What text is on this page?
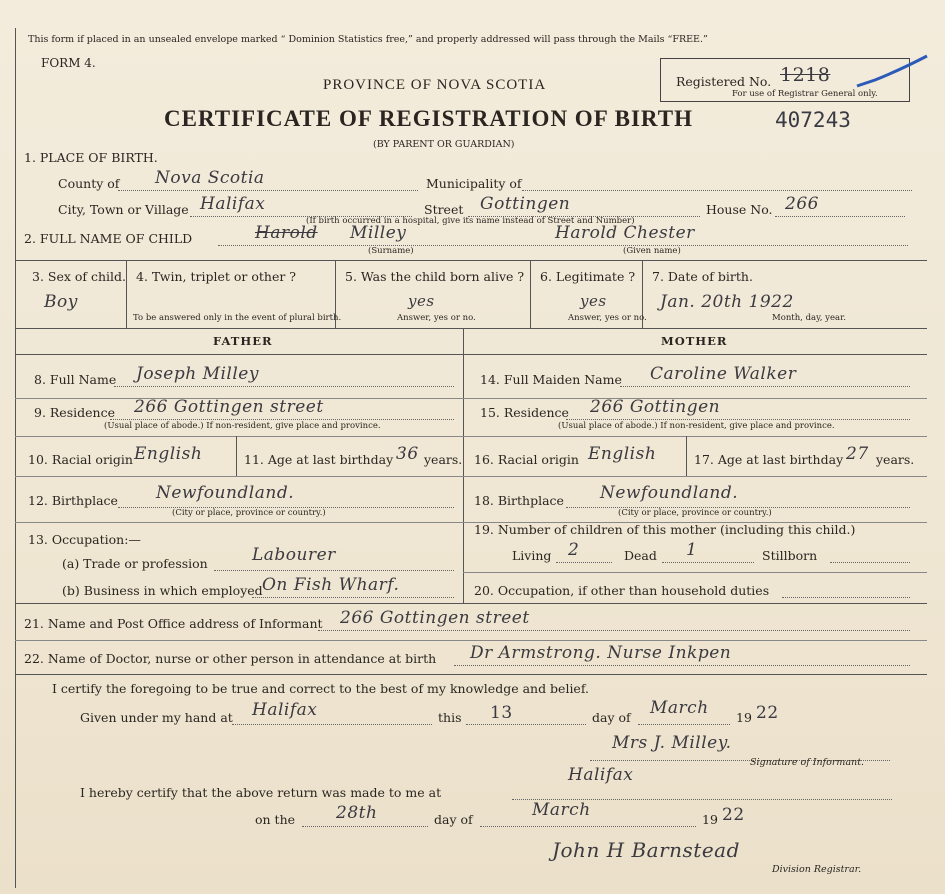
This form if placed in an unsealed envelope marked “ Dominion Statistics free,” and properly addressed will pass through the Mails “FREE.”
FORM 4.
PROVINCE OF NOVA SCOTIA
CERTIFICATE OF REGISTRATION OF BIRTH	407243
(BY PARENT OR GUARDIAN)
Registered No. 1218
For use of Registrar General only.
1. PLACE OF BIRTH.
County of Nova Scotia	Municipality of
City, Town or Village Halifax	Street Gottingen
(If birth occurred in a hospital, give its name instead of Street and Number)
House No. 266
2. FULL NAME OF CHILD	Harold Milley	Harold Chester
(Surname)	(Given name)
3. Sex of child.
Boy
4. Twin, triplet or other ?
To be answered only in the event of plural birth.
5. Was the child born alive ?
yes
Answer, yes or no.
6. Legitimate ?
yes
Answer, yes or no.
7. Date of birth.
Jan. 20th 1922
Month, day, year.
FATHER	MOTHER
8. Full Name Joseph Milley
9. Residence 266 Gottingen street
(Usual place of abode.) If non-resident, give place and province.
10. Racial origin English	11. Age at last birthday 36 years.
12. Birthplace Newfoundland.
(City or place, province or country.)
13. Occupation:—
(a) Trade or profession	Labourer
(b) Business in which employed On Fish Wharf.
14. Full Maiden Name Caroline Walker
15. Residence 266 Gottingen
(Usual place of abode.) If non-resident, give place and province.
16. Racial origin English	17. Age at last birthday 27 years.
18. Birthplace Newfoundland.
(City or place, province or country.)
19. Number of children of this mother (including this child.)
Living 2	Dead 1	Stillborn
20. Occupation, if other than household duties
21. Name and Post Office address of Informant 266 Gottingen street
22. Name of Doctor, nurse or other person in attendance at birth Dr Armstrong. Nurse Inkpen
I certify the foregoing to be true and correct to the best of my knowledge and belief.
Given under my hand at Halifax	this 13	day of March 19 22
Mrs J. Milley.
Signature of Informant.
I hereby certify that the above return was made to me at
Halifax
on the 28th	day of	March	19 22
John H Barnstead
Division Registrar.
